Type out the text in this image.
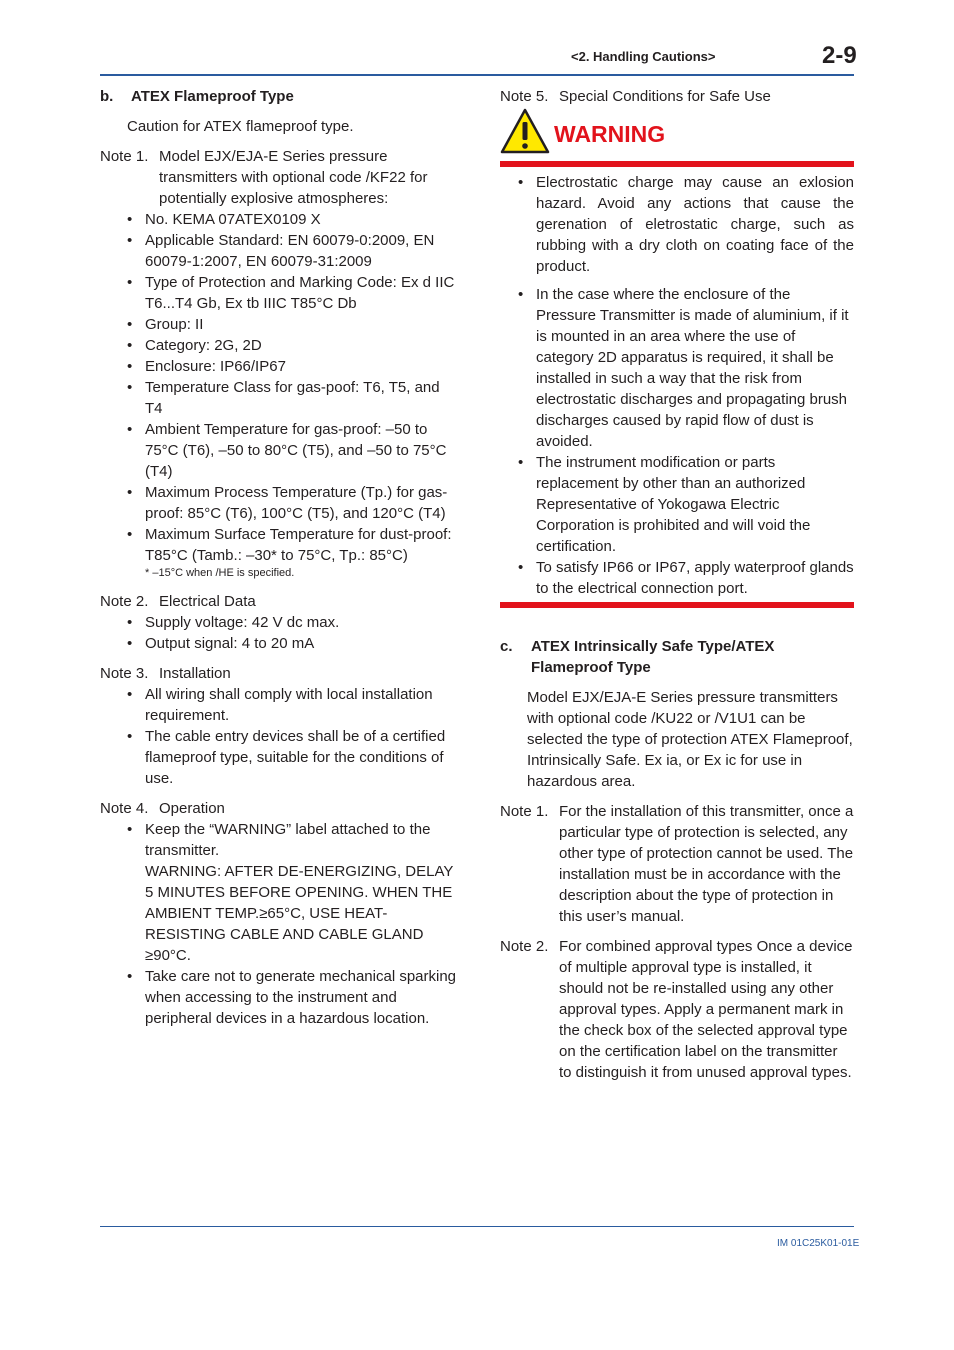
<2. Handling Cautions>	2-9
b.	ATEX Flameproof Type

Caution for ATEX flameproof type.

Note 1. Model EJX/EJA-E Series pressure transmitters with optional code /KF22 for potentially explosive atmospheres:
• No. KEMA 07ATEX0109 X
• Applicable Standard: EN 60079-0:2009, EN 60079-1:2007, EN 60079-31:2009
• Type of Protection and Marking Code: Ex d IIC T6...T4 Gb, Ex tb IIIC T85°C Db
• Group: II
• Category: 2G, 2D
• Enclosure: IP66/IP67
• Temperature Class for gas-poof: T6, T5, and T4
• Ambient Temperature for gas-proof: –50 to 75°C (T6), –50 to 80°C (T5), and –50 to 75°C (T4)
• Maximum Process Temperature (Tp.) for gas-proof: 85°C (T6), 100°C (T5), and 120°C (T4)
• Maximum Surface Temperature for dust-proof: T85°C (Tamb.: –30* to 75°C, Tp.: 85°C)

* –15°C when /HE is specified.

Note 2. Electrical Data
• Supply voltage: 42 V dc max.
• Output signal: 4 to 20 mA
Note 3. Installation
• All wiring shall comply with local installation requirement.
• The cable entry devices shall be of a certified flameproof type, suitable for the conditions of use.
Note 4. Operation
• Keep the “WARNING” label attached to the transmitter.
WARNING: AFTER DE-ENERGIZING, DELAY 5 MINUTES BEFORE OPENING. WHEN THE AMBIENT TEMP.≥65°C, USE HEAT-RESISTING CABLE AND CABLE GLAND ≥90°C.
• Take care not to generate mechanical sparking when accessing to the instrument and peripheral devices in a hazardous location.
Note 5. Special Conditions for Safe Use
WARNING
• Electrostatic charge may cause an exlosion hazard. Avoid any actions that cause the gerenation of eletrostatic charge, such as rubbing with a dry cloth on coating face of the product.
• In the case where the enclosure of the Pressure Transmitter is made of aluminium, if it is mounted in an area where the use of category 2D apparatus is required, it shall be installed in such a way that the risk from electrostatic discharges and propagating brush discharges caused by rapid flow of dust is avoided.
• The instrument modification or parts replacement by other than an authorized Representative of Yokogawa Electric Corporation is prohibited and will void the certification.
• To satisfy IP66 or IP67, apply waterproof glands to the electrical connection port.
c.	ATEX Intrinsically Safe Type/ATEX Flameproof Type

Model EJX/EJA-E Series pressure transmitters with optional code /KU22 or /V1U1 can be selected the type of protection ATEX Flameproof, Intrinsically Safe. Ex ia, or Ex ic for use in hazardous area.

Note 1. For the installation of this transmitter, once a particular type of protection is selected, any other type of protection cannot be used. The installation must be in accordance with the description about the type of protection in this user’s manual.
Note 2. For combined approval types Once a device of multiple approval type is installed, it should not be re-installed using any other approval types. Apply a permanent mark in the check box of the selected approval type on the certification label on the transmitter to distinguish it from unused approval types.
IM 01C25K01-01E
